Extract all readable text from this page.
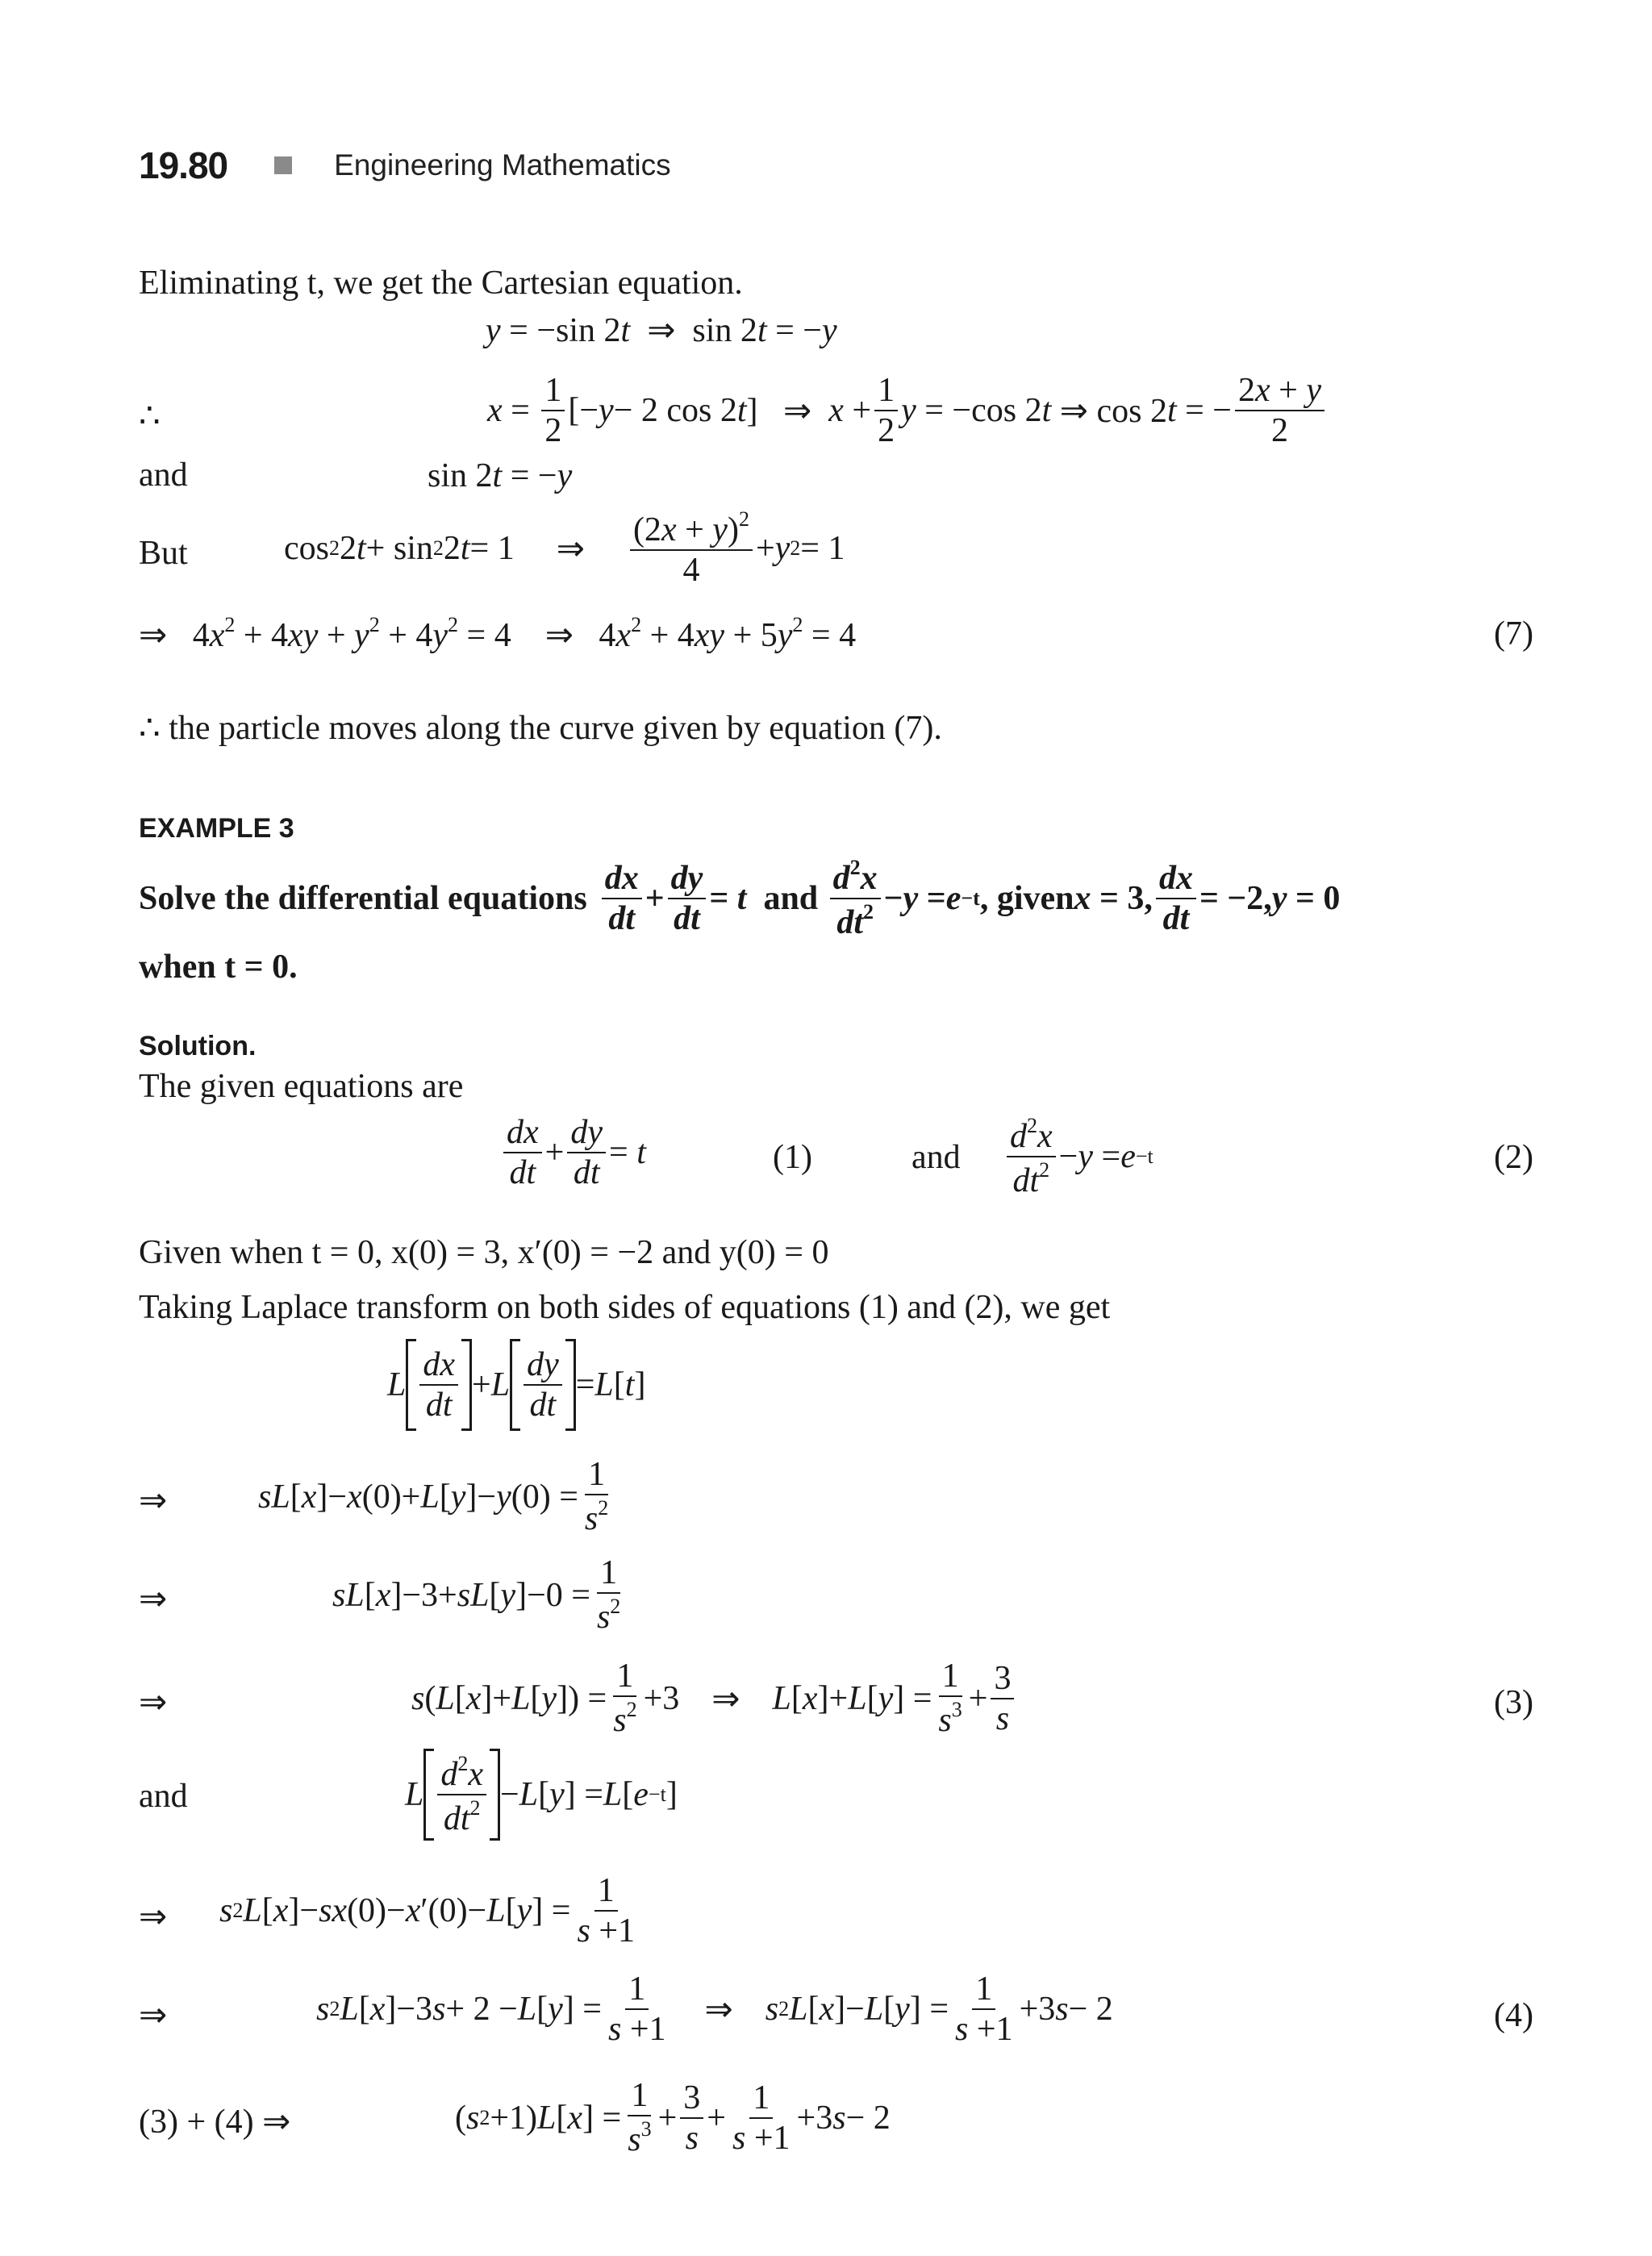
19.80	Engineering Mathematics
Eliminating t, we get the Cartesian equation.
y = −sin 2t  ⇒  sin 2t = −y
∴	$x = \frac{1}{2}$ [− y − 2 cos 2 t ]   ⇒ $x + \frac{1}{2}$ y = −cos 2 t ⇒ cos 2 t = − $\frac{2x + y}{2}$
and	sin 2t = −y
But	cos 2 2 t + sin 2 2 t = 1 ⇒ $\frac{(2x + y)^2}{4} + y$ 2 = 1
⇒   $4x^2 + 4xy + y^2 + 4y^2 = 4$    ⇒   $4x^2 + 4xy + 5y^2 = 4$	(7)
∴ the particle moves along the curve given by equation (7).
EXAMPLE 3
Solve the differential equations $\frac{dx}{dt} + \frac{dy}{dt} = t$ and $\frac{d^2x}{dt^2} - y = e -t$ , given x = 3, $\frac{dx}{dt} = -2$, y = 0
when t = 0.
Solution.
The given equations are
$\frac{dx}{dt} + \frac{dy}{dt} = t$	(1)	and $\frac{d^2x}{dt^2} - y = e -t$	(2)
Given when t = 0, x(0) = 3, x′(0) = −2 and y(0) = 0
Taking Laplace transform on both sides of equations (1) and (2), we get
L $\frac{dx}{dt} + L \frac{dy}{dt} = L$ [ t ]
⇒	sL [ x ]− x (0)+ L [ y ]− y $(0) = \frac{1}{s^2}$
⇒	sL [ x ]−3+ sL [ y ]$-0 = \frac{1}{s^2}$
⇒	s ( L [ x ]+ L [ y ]) = $\frac{1}{s^2} +3$ ⇒ L [ x ]+ L [ y ] = $\frac{1}{s^3} + \frac{3}{s}$	(3)
and	L $\frac{d^2x}{dt^2} - L$ [ y ] = L [ e −t ]
⇒ s 2 L [ x ]− sx (0)− x ′(0)− L [ y ] = $\frac{1}{s +1}$
⇒	s 2 L [ x ]−3 s + 2 − L [ y ] = $\frac{1}{s +1}$ ⇒ s 2 L [ x ]− L [ y ] = $\frac{1}{s +1} +3$ s − 2	(4)
(3) + (4) ⇒	( s 2 +1) L [ x ] = $\frac{1}{s^3} + \frac{3}{s} + \frac{1}{s +1} +3$ s − 2
